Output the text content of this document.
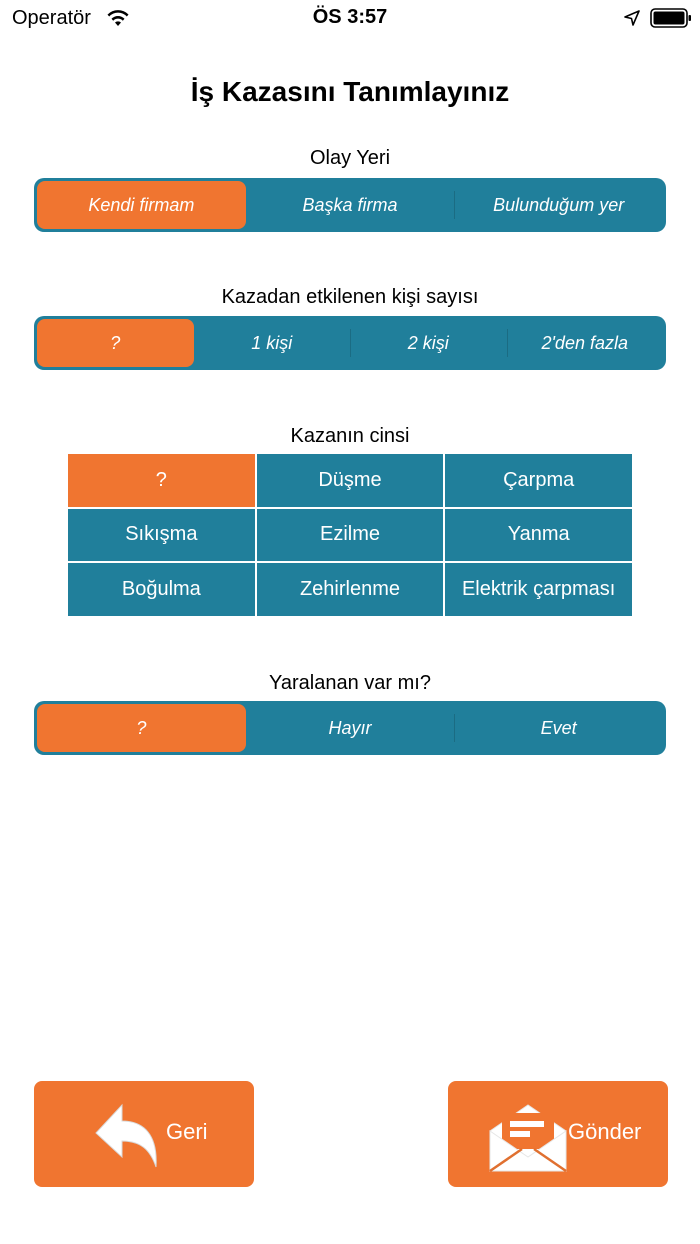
Operatör	ÖS 3:57
İş Kazasını Tanımlayınız
Olay Yeri
Kendi firmam	Başka firma	Bulunduğum yer
Kazadan etkilenen kişi sayısı
?	1 kişi	2 kişi	2'den fazla
Kazanın cinsi
?	Düşme	Çarpma
Sıkışma	Ezilme	Yanma
Boğulma	Zehirlenme	Elektrik çarpması
Yaralanan var mı?
?	Hayır	Evet
Geri	Gönder
